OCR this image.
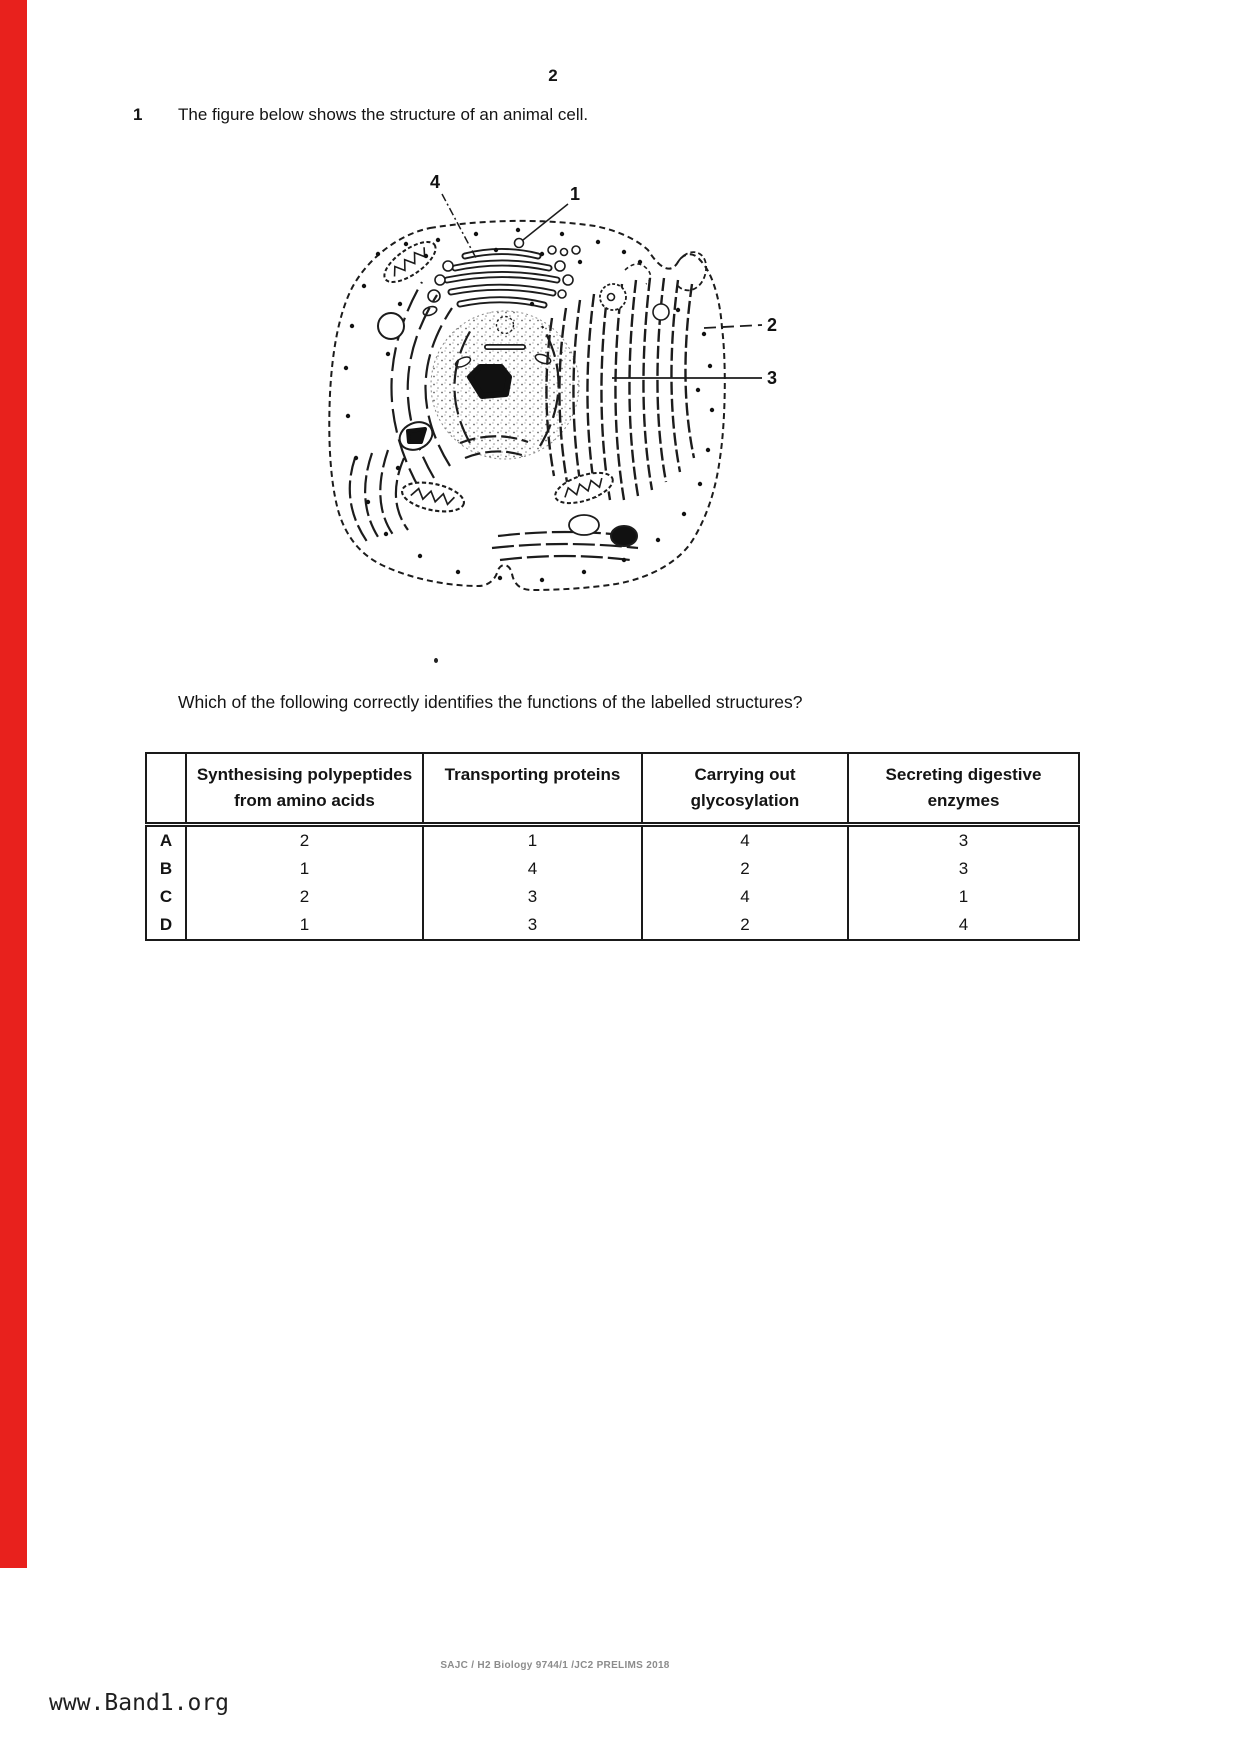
2
1 The figure below shows the structure of an animal cell.
4
1
2
3
Which of the following correctly identifies the functions of the labelled structures?
	Synthesising polypeptides from amino acids	Transporting proteins	Carrying out glycosylation	Secreting digestive enzymes
A	2	1	4	3
B	1	4	2	3
C	2	3	4	1
D	1	3	2	4
SAJC / H2 Biology 9744/1 /JC2 PRELIMS 2018
www.Band1.org
